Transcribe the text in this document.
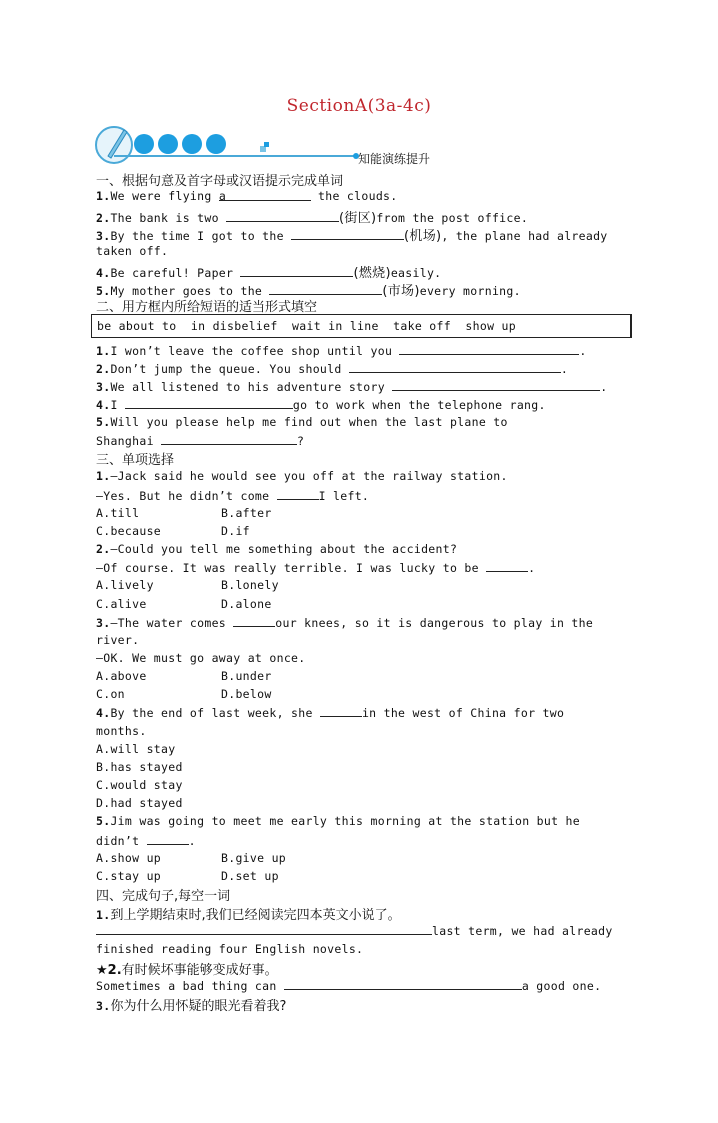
SectionA(3a-4c)
知能演练提升
一、根据句意及首字母或汉语提示完成单词
1.We were flying a	the clouds.
2.The bank is two	(街区)from the post office.
3.By the time I got to the	(机场), the plane had already
taken off.
4.Be careful! Paper	(燃烧)easily.
5.My mother goes to the	(市场)every morning.
二、用方框内所给短语的适当形式填空
be about to  in disbelief  wait in line  take off  show up
1.I won’t leave the coffee shop until you	.
2.Don’t jump the queue. You should	.
3.We all listened to his adventure story	.
4.I	go to work when the telephone rang.
5.Will you please help me find out when the last plane to
Shanghai	?
三、单项选择
1.—Jack said he would see you off at the railway station.
—Yes. But he didn’t come	I left.
A.till	B.after
C.because	D.if
2.—Could you tell me something about the accident?
—Of course. It was really terrible. I was lucky to be	.
A.lively	B.lonely
C.alive	D.alone
3.—The water comes	our knees, so it is dangerous to play in the
river.
—OK. We must go away at once.
A.above	B.under
C.on	D.below
4.By the end of last week, she	in the west of China for two
months.
A.will stay
B.has stayed
C.would stay
D.had stayed
5.Jim was going to meet me early this morning at the station but he
didn’t	.
A.show up	B.give up
C.stay up	D.set up
四、完成句子,每空一词
1.到上学期结束时,我们已经阅读完四本英文小说了。
last term, we had already
finished reading four English novels.
★2.有时候坏事能够变成好事。
Sometimes a bad thing can	a good one.
3.你为什么用怀疑的眼光看着我?
